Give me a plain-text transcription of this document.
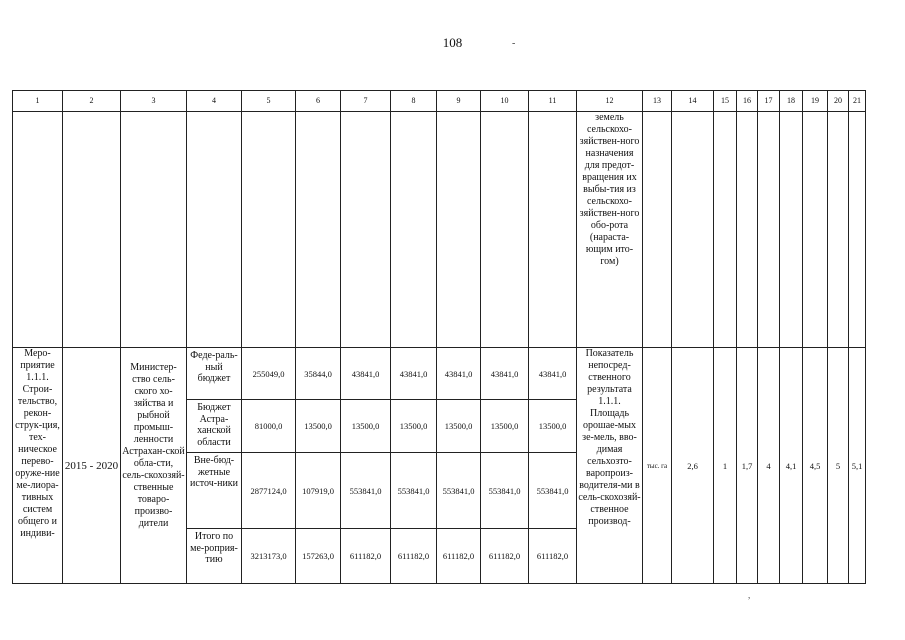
108	-
,
1	2	3	4	5	6	7	8	9	10	11	12	13	14	15	16	17	18	19	20	21
											земель сельскохо-зяйствен-ного назначения для предот-вращения их выбы-тия из сельскохо-зяйствен-ного обо-рота (нараста-ющим ито-гом)									
Меро-приятие 1.1.1. Строи-тельство, рекон-струк-ция, тех-ническое перево-оруже-ние ме-лиора-тивных систем общего и индиви-	2015 - 2020	Министер-ство сель-ского хо-зяйства и рыбной промыш-ленности Астрахан-ской обла-сти, сель-скохозяй-ственные товаро-произво-дители	Феде-раль-ный бюджет	255049,0	35844,0	43841,0	43841,0	43841,0	43841,0	43841,0	Показатель непосред-ственного результата 1.1.1. Площадь орошае-мых зе-мель, вво-димая сельхозто-варопроиз-водителя-ми в сель-скохозяй-ственное производ-	тыс. га	2,6	1	1,7	4	4,1	4,5	5	5,1
			Бюджет Астра-ханской области	81000,0	13500,0	13500,0	13500,0	13500,0	13500,0	13500,0										
			Вне-бюд-жетные источ-ники	2877124,0	107919,0	553841,0	553841,0	553841,0	553841,0	553841,0										
			Итого по ме-роприя-тию	3213173,0	157263,0	611182,0	611182,0	611182,0	611182,0	611182,0										
